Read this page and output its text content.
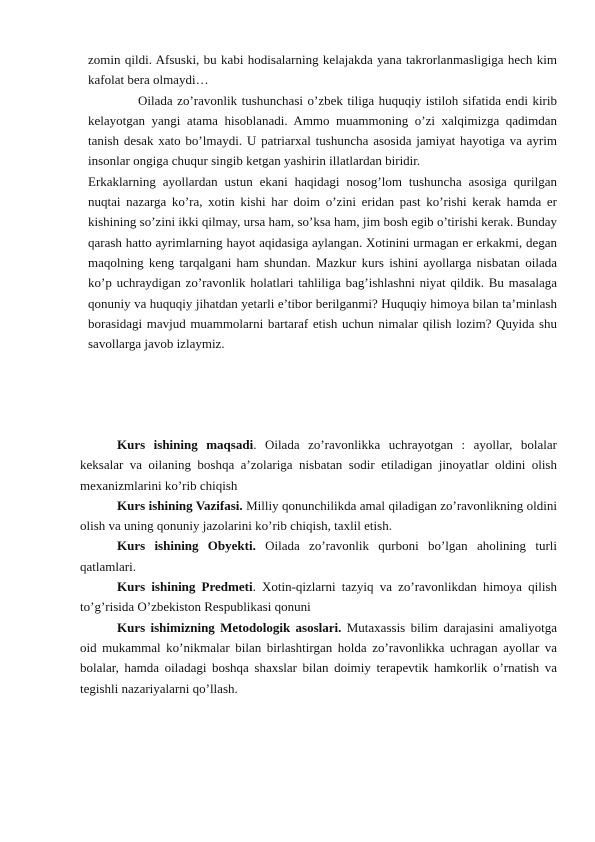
zomin qildi. Afsuski, bu kabi hodisalarning kelajakda yana takrorlanmasligiga hech kim kafolat bera olmaydi…

Oilada zo’ravonlik tushunchasi o’zbek tiliga huquqiy istiloh sifatida endi kirib kelayotgan yangi atama hisoblanadi. Ammo muammoning o’zi xalqimizga qadimdan tanish desak xato bo’lmaydi. U patriarxal tushuncha asosida jamiyat hayotiga va ayrim insonlar ongiga chuqur singib ketgan yashirin illatlardan biridir.

Erkaklarning ayollardan ustun ekani haqidagi nosog’lom tushuncha asosiga qurilgan nuqtai nazarga ko’ra, xotin kishi har doim o’zini eridan past ko’rishi kerak hamda er kishining so’zini ikki qilmay, ursa ham, so’ksa ham, jim bosh egib o’tirishi kerak. Bunday qarash hatto ayrimlarning hayot aqidasiga aylangan. Xotinini urmagan er erkakmi, degan maqolning keng tarqalgani ham shundan. Mazkur kurs ishini ayollarga nisbatan oilada ko’p uchraydigan zo’ravonlik holatlari tahliliga bag’ishlashni niyat qildik. Bu masalaga qonuniy va huquqiy jihatdan yetarli e’tibor berilganmi? Huquqiy himoya bilan ta’minlash borasidagi mavjud muammolarni bartaraf etish uchun nimalar qilish lozim? Quyida shu savollarga javob izlaymiz.

Kurs ishining maqsadi. Oilada zo’ravonlikka uchrayotgan : ayollar, bolalar keksalar va oilaning boshqa a’zolariga nisbatan sodir etiladigan jinoyatlar oldini olish mexanizmlarini ko’rib chiqish

Kurs ishining Vazifasi. Milliy qonunchilikda amal qiladigan zo’ravonlikning oldini olish va uning qonuniy jazolarini ko’rib chiqish, taxlil etish.

Kurs ishining Obyekti. Oilada zo’ravonlik qurboni bo’lgan aholining turli qatlamlari.

Kurs ishining Predmeti. Xotin-qizlarni tazyiq va zo’ravonlikdan himoya qilish to’g’risida O’zbekiston Respublikasi qonuni

Kurs ishimizning Metodologik asoslari. Mutaxassis bilim darajasini amaliyotga oid mukammal ko’nikmalar bilan birlashtirgan holda zo’ravonlikka uchragan ayollar va bolalar, hamda oiladagi boshqa shaxslar bilan doimiy terapevtik hamkorlik o’rnatish va tegishli nazariyalarni qo’llash.
